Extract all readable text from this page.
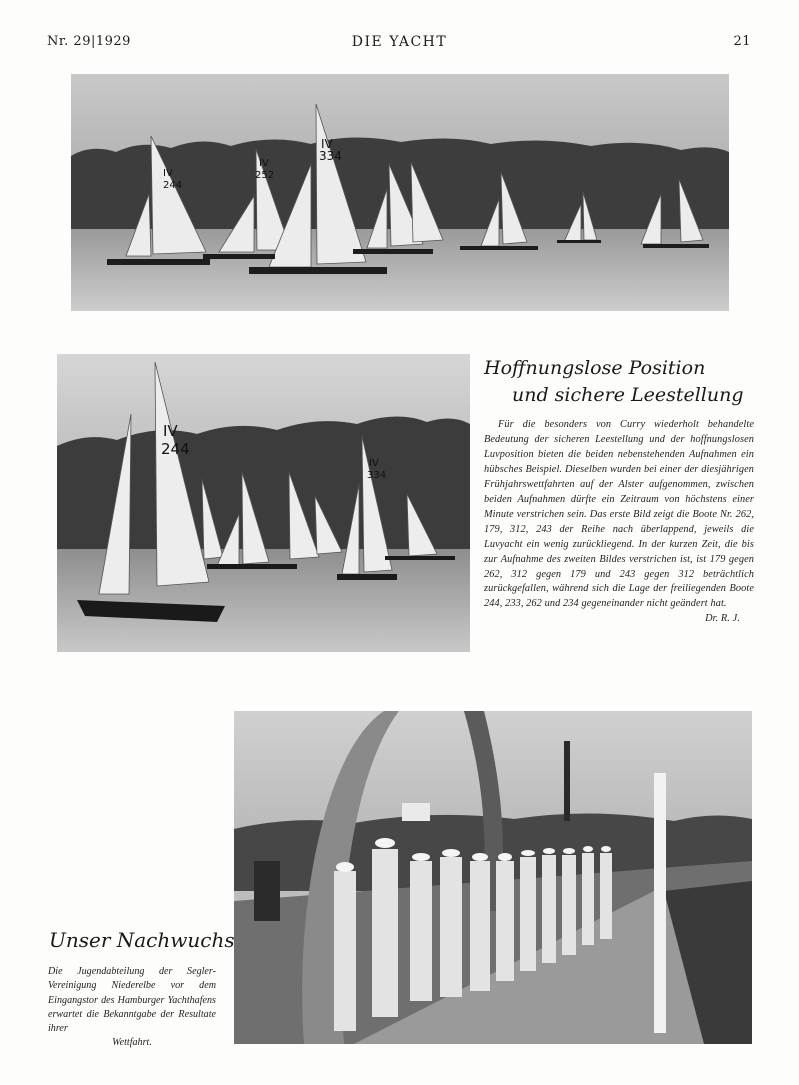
Nr. 29|1929	DIE YACHT	21
IV
244
IV
252
IV
334
IV
244
IV
334
Hoffnungslose Position
und sichere Leestellung

Für die besonders von Curry wiederholt behandelte Bedeutung der sicheren Leestellung und der hoffnungslosen Luvposition bieten die beiden nebenstehenden Aufnahmen ein hübsches Beispiel. Dieselben wurden bei einer der diesjährigen Frühjahrswettfahrten auf der Alster aufgenommen, zwischen beiden Aufnahmen dürfte ein Zeitraum von höchstens einer Minute verstrichen sein. Das erste Bild zeigt die Boote Nr. 262, 179, 312, 243 der Reihe nach überlappend, jeweils die Luvyacht ein wenig zurückliegend. In der kurzen Zeit, die bis zur Aufnahme des zweiten Bildes verstrichen ist, ist 179 gegen 262, 312 gegen 179 und 243 gegen 312 beträchtlich zurückgefallen, während sich die Lage der freiliegenden Boote 244, 233, 262 und 234 gegeneinander nicht geändert hat.
Dr. R. J.

Unser Nachwuchs

Die Jugendabteilung der Segler-Vereinigung Niederelbe vor dem Eingangstor des Hamburger Yachthafens erwartet die Bekanntgabe der Resultate ihrer
Wettfahrt.
